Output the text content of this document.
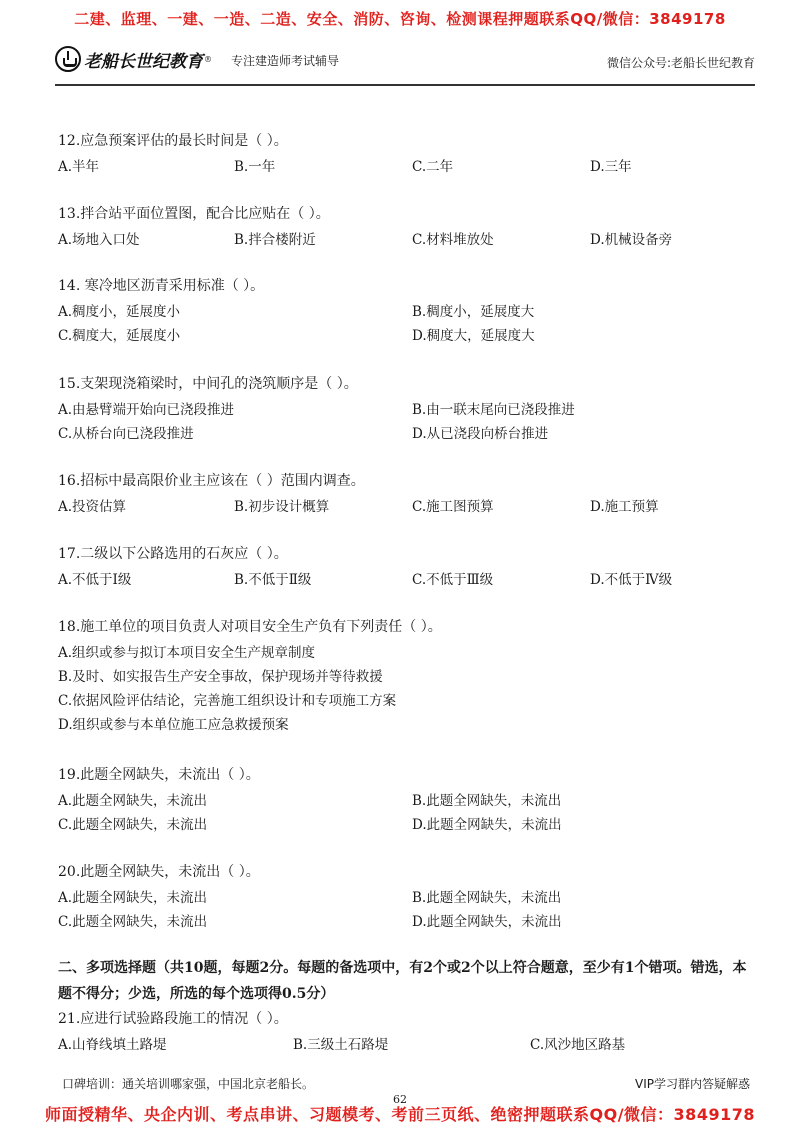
二建、监理、一建、一造、二造、安全、消防、咨询、检测课程押题联系QQ/微信：3849178
老船长世纪教育 ® 专注建造师考试辅导	微信公众号:老船长世纪教育
12.应急预案评估的最长时间是（ ）。
A.半年	B.一年	C.二年	D.三年
13.拌合站平面位置图，配合比应贴在（ ）。
A.场地入口处	B.拌合楼附近	C.材料堆放处	D.机械设备旁
14. 寒冷地区沥青采用标准（ ）。
A.稠度小，延展度小	B.稠度小，延展度大
C.稠度大，延展度小	D.稠度大，延展度大
15.支架现浇箱梁时，中间孔的浇筑顺序是（ ）。
A.由悬臂端开始向已浇段推进	B.由一联末尾向已浇段推进
C.从桥台向已浇段推进	D.从已浇段向桥台推进
16.招标中最高限价业主应该在（ ）范围内调查。
A.投资估算	B.初步设计概算	C.施工图预算	D.施工预算
17.二级以下公路选用的石灰应（ ）。
A.不低于Ⅰ级	B.不低于Ⅱ级	C.不低于Ⅲ级	D.不低于Ⅳ级
18.施工单位的项目负责人对项目安全生产负有下列责任（ ）。
A.组织或参与拟订本项目安全生产规章制度
B.及时、如实报告生产安全事故，保护现场并等待救援
C.依据风险评估结论，完善施工组织设计和专项施工方案
D.组织或参与本单位施工应急救援预案
19.此题全网缺失，未流出（ ）。
A.此题全网缺失，未流出	B.此题全网缺失，未流出
C.此题全网缺失，未流出	D.此题全网缺失，未流出
20.此题全网缺失，未流出（ ）。
A.此题全网缺失，未流出	B.此题全网缺失，未流出
C.此题全网缺失，未流出	D.此题全网缺失，未流出
二、多项选择题（共10题，每题2分。每题的备选项中，有2个或2个以上符合题意，至少有1个错项。错选，本题不得分；少选，所选的每个选项得0.5分）
21.应进行试验路段施工的情况（ ）。
A.山脊线填土路堤	B.三级土石路堤	C.风沙地区路基
口碑培训：通关培训哪家强，中国北京老船长。	VIP学习群内答疑解惑
62
师面授精华、央企内训、考点串讲、习题模考、考前三页纸、绝密押题联系QQ/微信：3849178
